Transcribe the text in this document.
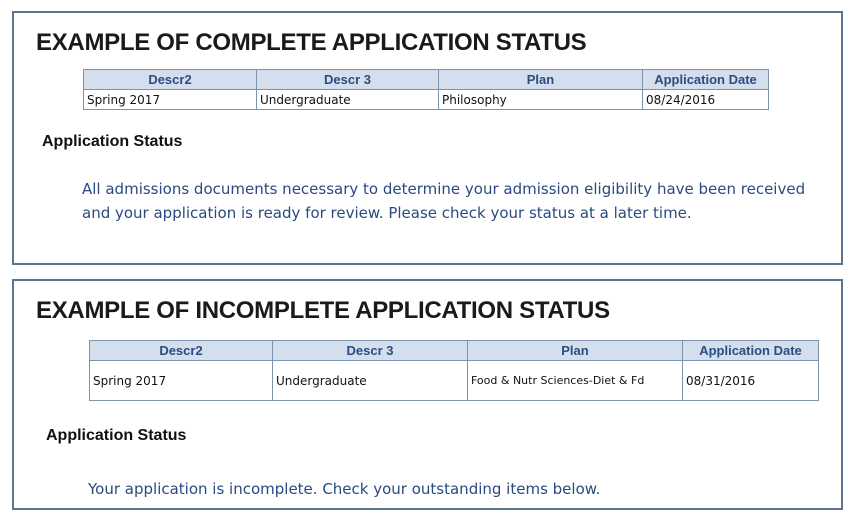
EXAMPLE OF COMPLETE APPLICATION STATUS
Descr2	Descr 3	Plan	Application Date
Spring 2017	Undergraduate	Philosophy	08/24/2016
Application Status

All admissions documents necessary to determine your admission eligibility have been received and your application is ready for review. Please check your status at a later time.

EXAMPLE OF INCOMPLETE APPLICATION STATUS
Descr2	Descr 3	Plan	Application Date
Spring 2017	Undergraduate	Food & Nutr Sciences-Diet & Fd	08/31/2016
Application Status

Your application is incomplete. Check your outstanding items below.
